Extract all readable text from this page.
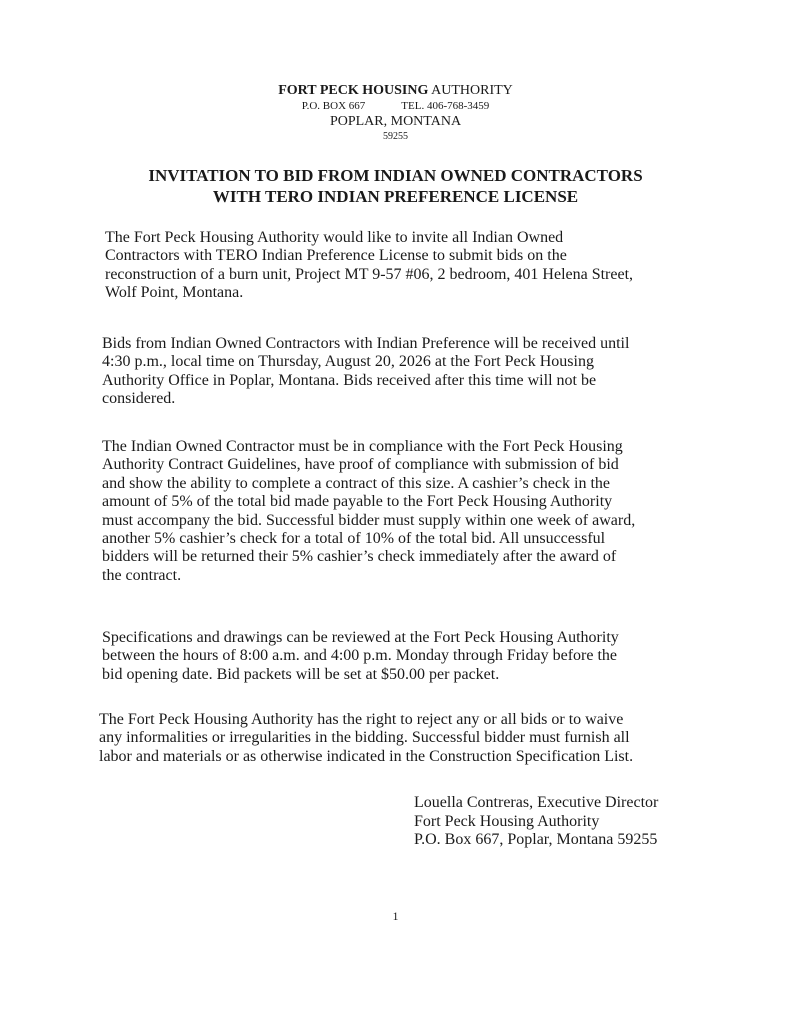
FORT PECK HOUSING AUTHORITY
P.O. BOX 667	TEL. 406-768-3459
POPLAR, MONTANA
59255
INVITATION TO BID FROM INDIAN OWNED CONTRACTORS
WITH TERO INDIAN PREFERENCE LICENSE

The Fort Peck Housing Authority would like to invite all Indian Owned

Contractors with TERO Indian Preference License to submit bids on the

reconstruction of a burn unit, Project MT 9-57 #06, 2 bedroom, 401 Helena Street,

Wolf Point, Montana.

Bids from Indian Owned Contractors with Indian Preference will be received until

4:30 p.m., local time on Thursday, August 20, 2026 at the Fort Peck Housing

Authority Office in Poplar, Montana. Bids received after this time will not be

considered.

The Indian Owned Contractor must be in compliance with the Fort Peck Housing

Authority Contract Guidelines, have proof of compliance with submission of bid

and show the ability to complete a contract of this size. A cashier’s check in the

amount of 5% of the total bid made payable to the Fort Peck Housing Authority

must accompany the bid. Successful bidder must supply within one week of award,

another 5% cashier’s check for a total of 10% of the total bid. All unsuccessful

bidders will be returned their 5% cashier’s check immediately after the award of

the contract.

Specifications and drawings can be reviewed at the Fort Peck Housing Authority

between the hours of 8:00 a.m. and 4:00 p.m. Monday through Friday before the

bid opening date. Bid packets will be set at $50.00 per packet.

The Fort Peck Housing Authority has the right to reject any or all bids or to waive

any informalities or irregularities in the bidding. Successful bidder must furnish all

labor and materials or as otherwise indicated in the Construction Specification List.

Louella Contreras, Executive Director
Fort Peck Housing Authority
P.O. Box 667, Poplar, Montana 59255
1
